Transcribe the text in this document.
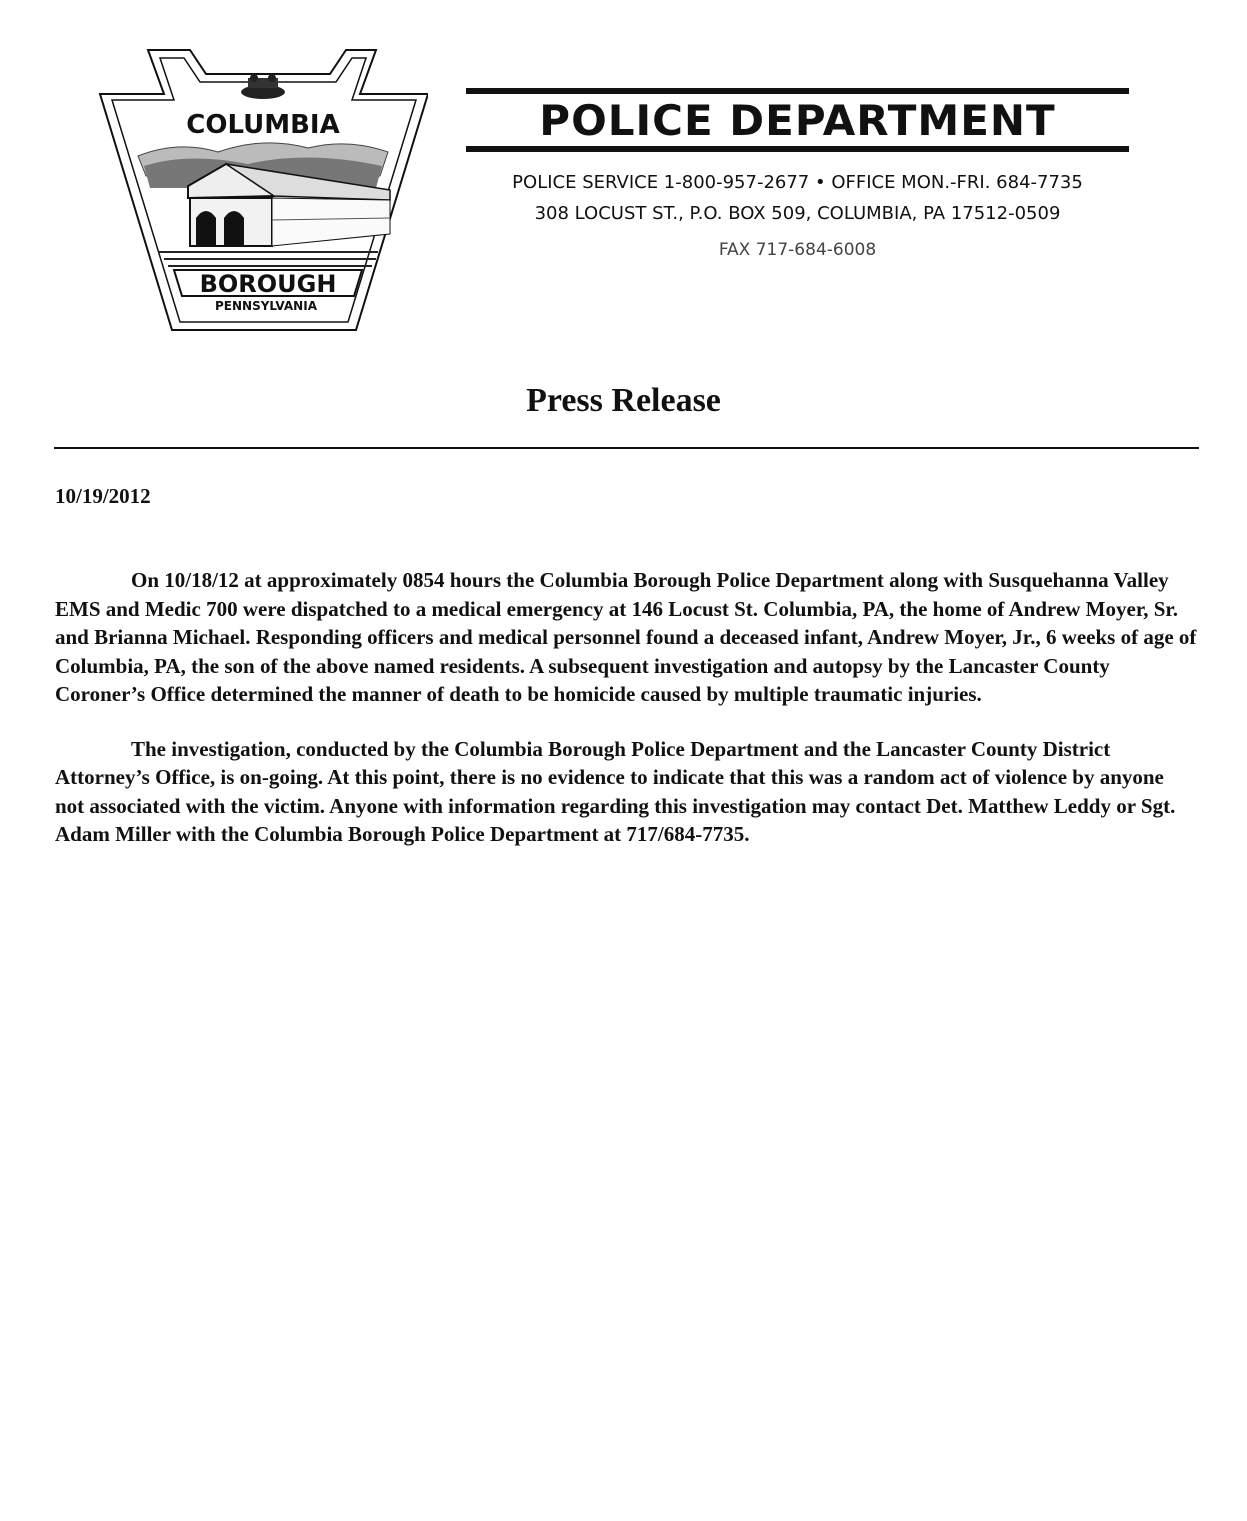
COLUMBIA
BOROUGH
PENNSYLVANIA
POLICE DEPARTMENT

POLICE SERVICE 1-800-957-2677 • OFFICE MON.-FRI. 684-7735

308 LOCUST ST., P.O. BOX 509, COLUMBIA, PA 17512-0509

FAX 717-684-6008

Press Release

10/19/2012

On 10/18/12 at approximately 0854 hours the Columbia Borough Police Department along with Susquehanna Valley EMS and Medic 700 were dispatched to a medical emergency at 146 Locust St. Columbia, PA, the home of Andrew Moyer, Sr. and Brianna Michael. Responding officers and medical personnel found a deceased infant, Andrew Moyer, Jr., 6 weeks of age of Columbia, PA, the son of the above named residents. A subsequent investigation and autopsy by the Lancaster County Coroner’s Office determined the manner of death to be homicide caused by multiple traumatic injuries.

The investigation, conducted by the Columbia Borough Police Department and the Lancaster County District Attorney’s Office, is on-going. At this point, there is no evidence to indicate that this was a random act of violence by anyone not associated with the victim. Anyone with information regarding this investigation may contact Det. Matthew Leddy or Sgt. Adam Miller with the Columbia Borough Police Department at 717/684-7735.
